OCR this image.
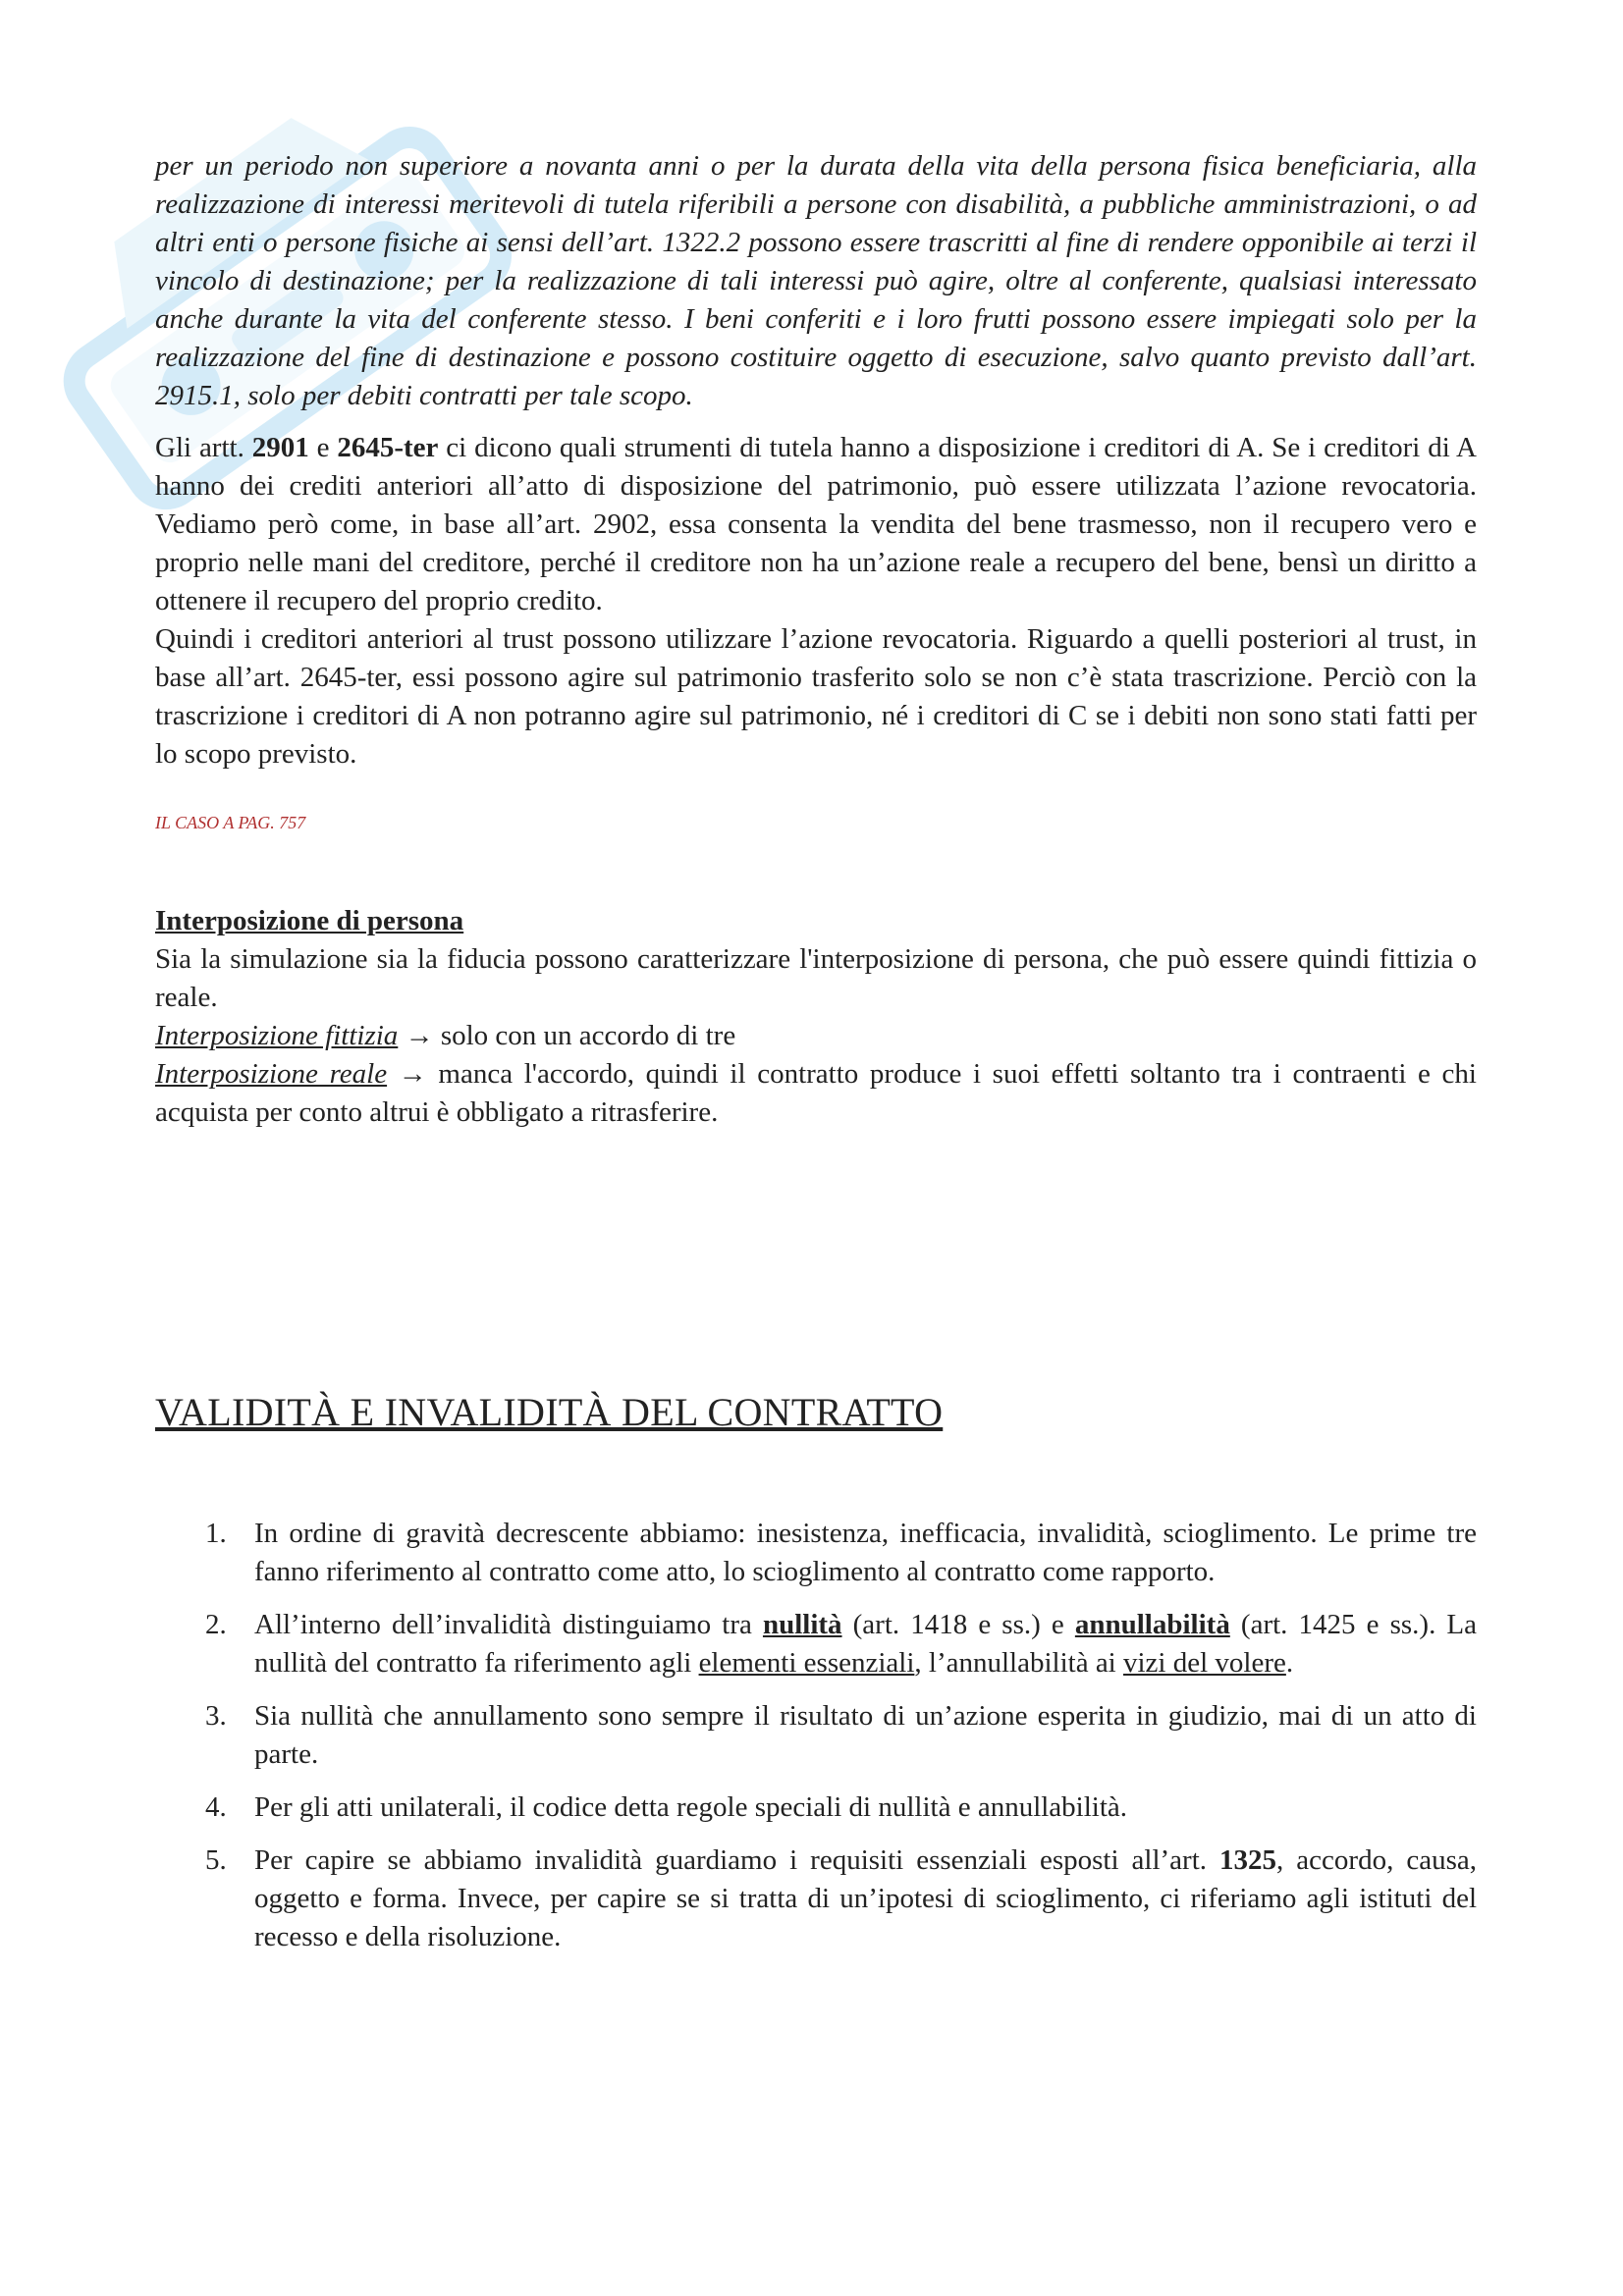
per un periodo non superiore a novanta anni o per la durata della vita della persona fisica beneficiaria, alla realizzazione di interessi meritevoli di tutela riferibili a persone con disabilità, a pubbliche amministrazioni, o ad altri enti o persone fisiche ai sensi dell’art. 1322.2 possono essere trascritti al fine di rendere opponibile ai terzi il vincolo di destinazione; per la realizzazione di tali interessi può agire, oltre al conferente, qualsiasi interessato anche durante la vita del conferente stesso. I beni conferiti e i loro frutti possono essere impiegati solo per la realizzazione del fine di destinazione e possono costituire oggetto di esecuzione, salvo quanto previsto dall’art. 2915.1, solo per debiti contratti per tale scopo.

Gli artt. 2901 e 2645-ter ci dicono quali strumenti di tutela hanno a disposizione i creditori di A. Se i creditori di A hanno dei crediti anteriori all’atto di disposizione del patrimonio, può essere utilizzata l’azione revocatoria. Vediamo però come, in base all’art. 2902, essa consenta la vendita del bene trasmesso, non il recupero vero e proprio nelle mani del creditore, perché il creditore non ha un’azione reale a recupero del bene, bensì un diritto a ottenere il recupero del proprio credito.

Quindi i creditori anteriori al trust possono utilizzare l’azione revocatoria. Riguardo a quelli posteriori al trust, in base all’art. 2645-ter, essi possono agire sul patrimonio trasferito solo se non c’è stata trascrizione. Perciò con la trascrizione i creditori di A non potranno agire sul patrimonio, né i creditori di C se i debiti non sono stati fatti per lo scopo previsto.

IL CASO A PAG. 757

Interposizione di persona

Sia la simulazione sia la fiducia possono caratterizzare l'interposizione di persona, che può essere quindi fittizia o reale.

Interposizione fittizia → solo con un accordo di tre

Interposizione reale → manca l'accordo, quindi il contratto produce i suoi effetti soltanto tra i contraenti e chi acquista per conto altrui è obbligato a ritrasferire.

VALIDITÀ E INVALIDITÀ DEL CONTRATTO
1. In ordine di gravità decrescente abbiamo: inesistenza, inefficacia, invalidità, scioglimento. Le prime tre fanno riferimento al contratto come atto, lo scioglimento al contratto come rapporto.
2. All’interno dell’invalidità distinguiamo tra nullità (art. 1418 e ss.) e annullabilità (art. 1425 e ss.). La nullità del contratto fa riferimento agli elementi essenziali, l’annullabilità ai vizi del volere.
3. Sia nullità che annullamento sono sempre il risultato di un’azione esperita in giudizio, mai di un atto di parte.
4. Per gli atti unilaterali, il codice detta regole speciali di nullità e annullabilità.
5. Per capire se abbiamo invalidità guardiamo i requisiti essenziali esposti all’art. 1325, accordo, causa, oggetto e forma. Invece, per capire se si tratta di un’ipotesi di scioglimento, ci riferiamo agli istituti del recesso e della risoluzione.
